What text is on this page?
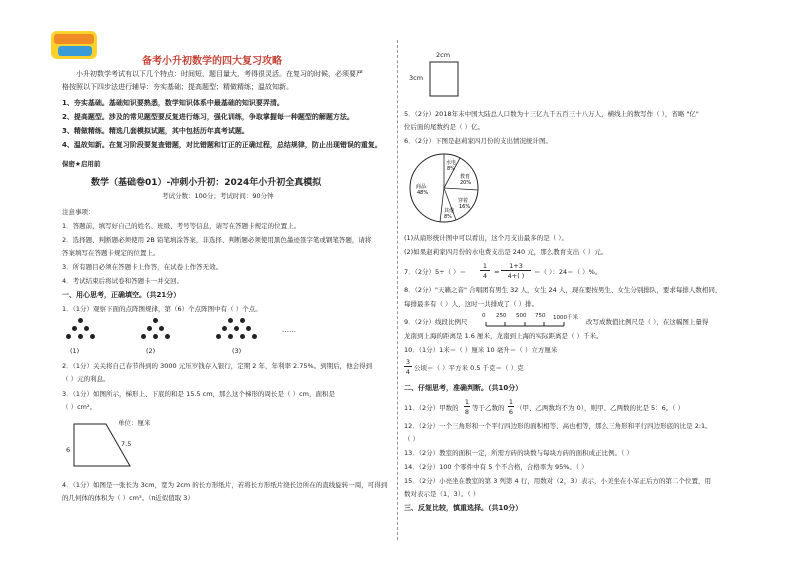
备考小升初数学的四大复习攻略
小升初数学考试有以下几个特点：时间短，题目量大，考得很灵活。在复习的时候，必须要严
格按照以下四步法进行辅导：夯实基础；提高题型；精做精练；温故知新。
1、夯实基础。基础知识要熟悉，数学知识体系中最基础的知识要弄清。
2、提高题型。涉及的常见题型要反复进行练习，强化训练，争取掌握每一种题型的解题方法。
3、精做精练。精选几套模拟试题，其中包括历年真考试题。
4、温故知新。在复习阶段要复查错题，对比错题和订正的正确过程，总结规律，防止出现错误的重复。
保密★启用前
数学（基础卷01）-冲刺小升初：2024年小升初全真模拟
考试分数：100分；考试时间：90分钟
注意事项：
1．答题前，填写好自己的姓名、班级、考号等信息，请写在答题卡规定的位置上。
2．选择题、判断题必须使用 2B 铅笔填涂答案，非选择、判断题必须使用黑色墨迹签字笔或钢笔答题，请将
答案填写在答题卡规定的位置上。
3．所有题目必须在答题卡上作答，在试卷上作答无效。
4．考试结束后将试卷和答题卡一并交回。
一、用心思考，正确填空。（共21分）
1．（1分）观察下面的点阵图规律，第（6）个点阵图中有（ ）个点。
……
(1)	(2)	(3)
2．（1分）关关将自己春节得到的 3000 元压岁钱存入银行，定期 2 年，年利率 2.75%。到期后，他会得到
（ ）元的利息。
3．（1分）如图所示，梯形上、下底的和是 15.5 cm，那么这个梯形的周长是（ ）cm，面积是
（ ）cm²。
单位：厘米
6
7.5
4．（1分）如图是一张长为 3cm，宽为 2cm 的长方形纸片，若将长方形纸片绕长边所在的直线旋转一周，可得到
的几何体的体积为（ ）cm³。（π近似值取 3）
2cm
3cm
5．（2分）2018年末中国大陆总人口数为十三亿九千五百三十八万人，横线上的数写作（ ），省略 "亿"
位后面的尾数约是（ ）亿。
6．（2分）下图是赵莉家四月份的支出情况统计图。
水电
8%
教育
20%
穿着
16%
其他
8%
商品
48%
(1)从扇形统计图中可以看出，这个月支出最多的是（ ）。
(2)如果赵莉家四月份的水电费支出是 240 元，那么教育支出（ ）元。
7．（2分）5÷（ ）＝
1
4	=
1+3
4+( )	＝（ ）：24＝（ ）%。
8．（2分）"天籁之音" 合唱团有男生 32 人，女生 24 人，现在要按男生、女生分别排队，要求每排人数相同，
每排最多有（ ）人，这时一共排成了（ ）排。
9．（2分）线段比例尺
0 250 500 750 1000千米 改写成数值比例尺是（ ），在这幅图上量得
龙南到上海的距离是 1.6 厘米，龙南到上海的实际距离是（ ）千米。
10．（1分）1米＝（ ）厘米 10 毫升＝（ ）立方厘米
3
4 公顷＝（ ）平方米 0.5 千克＝（ ）克
二、仔细思考，准确判断。（共10分）
11．（2分）甲数的
1
8 等于乙数的
1
6 （甲、乙两数均不为 0），则甲、乙两数的比是 5：6。（ ）
12．（2分）一个三角形和一个平行四边形的面积相等，高也相等，那么三角形和平行四边形底的比是 2:1。
（ ）
13．（2分）教室的面积一定，所需方砖的块数与每块方砖的面积成正比例。（ ）
14．（2分）100 个零件中有 5 个不合格，合格率为 95%。（ ）
15．（2分）小亮坐在教室的第 3 列第 4 行，用数对（2，3）表示，小美坐在小军正后方的第二个位置，用
数对表示是（1，3）。（ ）
三、反复比较，慎重选择。（共10分）
